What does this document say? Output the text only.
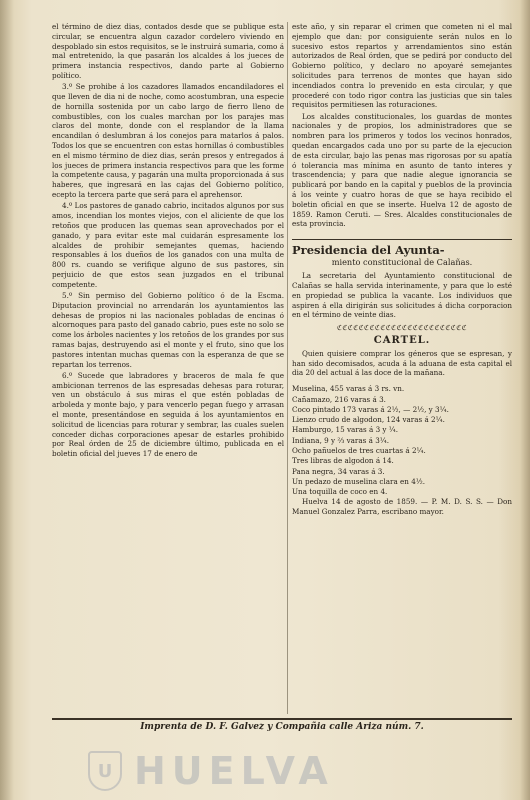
el término de diez dias, contados desde que se publique esta circular, se encuentra algun cazador cordelero viviendo en despoblado sin estos requisitos, se le instruirá sumaria, como á mal entretenido, la que pasarán los alcaldes á los jueces de primera instancia respectivos, dando parte al Gobierno político.

3.º Se prohibe á los cazadores llamados encandiladores el que lleven de dia ni de noche, como acostumbran, una especie de hornilla sostenida por un cabo largo de fierro lleno de combustibles, con los cuales marchan por los parajes mas claros del monte, donde con el resplandor de la llama encandilan ó deslumbran á los conejos para matarlos á palos. Todos los que se encuentren con estas hornillas ó combustibles en el mismo término de diez dias, serán presos y entregados á los jueces de primera instancia respectivos para que les forme la competente causa, y pagarán una multa proporcionada á sus haberes, que ingresará en las cajas del Gobierno político, ecepto la tercera parte que será para el aprehensor.

4.º Los pastores de ganado cabrio, incitados algunos por sus amos, incendian los montes viejos, con el aliciente de que los retoños que producen las quemas sean aprovechados por el ganado, y para evitar este mal cuidarán espresamente los alcaldes de prohibir semejantes quemas, haciendo responsables á los dueños de los ganados con una multa de 800 rs. cuando se verifique alguno de sus pastores, sin perjuicio de que estos sean juzgados en el tribunal competente.

5.º Sin permiso del Gobierno político ó de la Escma. Diputacion provincial no arrendarán los ayuntamientos las dehesas de propios ni las nacionales pobladas de encinas ó alcornoques para pasto del ganado cabrio, pues este no solo se come los árboles nacientes y los retoños de los grandes por sus ramas bajas, destruyendo asi el monte y el fruto, sino que los pastores intentan muchas quemas con la esperanza de que se repartan los terrenos.

6.º Sucede que labradores y braceros de mala fe que ambicionan terrenos de las espresadas dehesas para roturar, ven un obstáculo á sus miras el que estén pobladas de arboleda y monte bajo, y para vencerlo pegan fuego y arrasan el monte, presentándose en seguida á los ayuntamientos en solicitud de licencias para roturar y sembrar, las cuales suelen conceder dichas corporaciones apesar de estarles prohibido por Real órden de 25 de diciembre último, publicada en el boletin oficial del jueves 17 de enero de

este año, y sin reparar el crimen que cometen ni el mal ejemplo que dan: por consiguiente serán nulos en lo sucesivo estos repartos y arrendamientos sino están autorizados de Real órden, que se pedirá por conducto del Gobierno político, y declaro no apoyaré semejantes solicitudes para terrenos de montes que hayan sido incendiados contra lo prevenido en esta circular, y que procederé con todo rigor contra las justicias que sin tales requisitos permitiesen las roturaciones.

Los alcaldes constitucionales, los guardas de montes nacionales y de propios, los administradores que se nombren para los primeros y todos los vecinos honrados, quedan encargados cada uno por su parte de la ejecucion de esta circular, bajo las penas mas rigorosas por su apatía ó tolerancia mas mínima en asunto de tanto interes y trascendencia; y para que nadie alegue ignorancia se publicará por bando en la capital y pueblos de la provincia á los veinte y cuatro horas de que se haya recibido el boletin oficial en que se inserte. Huelva 12 de agosto de 1859. Ramon Ceruti. — Sres. Alcaldes constitucionales de esta provincia.

Presidencia del Ayunta-
miento constitucional de Calañas.

La secretaria del Ayuntamiento constitucional de Calañas se halla servida interinamente, y para que lo esté en propiedad se publica la vacante. Los individuos que aspiren á ella dirigirán sus solicitudes á dicha corporacion en el término de veinte dias.

ℭℭℭℭℭℭℭℭℭℭℭℭℭℭℭℭℭℭℭℭℭℭℭℭ
CARTEL.

Quien quisiere comprar los géneros que se espresan, y han sido decomisados, acuda á la aduana de esta capital el dia 20 del actual á las doce de la mañana.

Muselina, 455 varas á 3 rs. vn.
Cañamazo, 216 varas á 3.
Coco pintado 173 varas á 2½, — 2½, y 3¼.
Lienzo crudo de algodon, 124 varas á 2¼.
Hamburgo, 15 varas á 3 y ¼.
Indiana, 9 y ⅔ varas á 3¼.
Ocho pañuelos de tres cuartas á 2¼.
Tres libras de algodon á 14.
Pana negra, 34 varas á 3.
Un pedazo de muselina clara en 4½.
Una toquilla de coco en 4.

Huelva 14 de agosto de 1859. — P. M. D. S. S. — Don Manuel Gonzalez Parra, escribano mayor.

Imprenta de D. F. Galvez y Compañia calle Ariza núm. 7.
U HUELVA
